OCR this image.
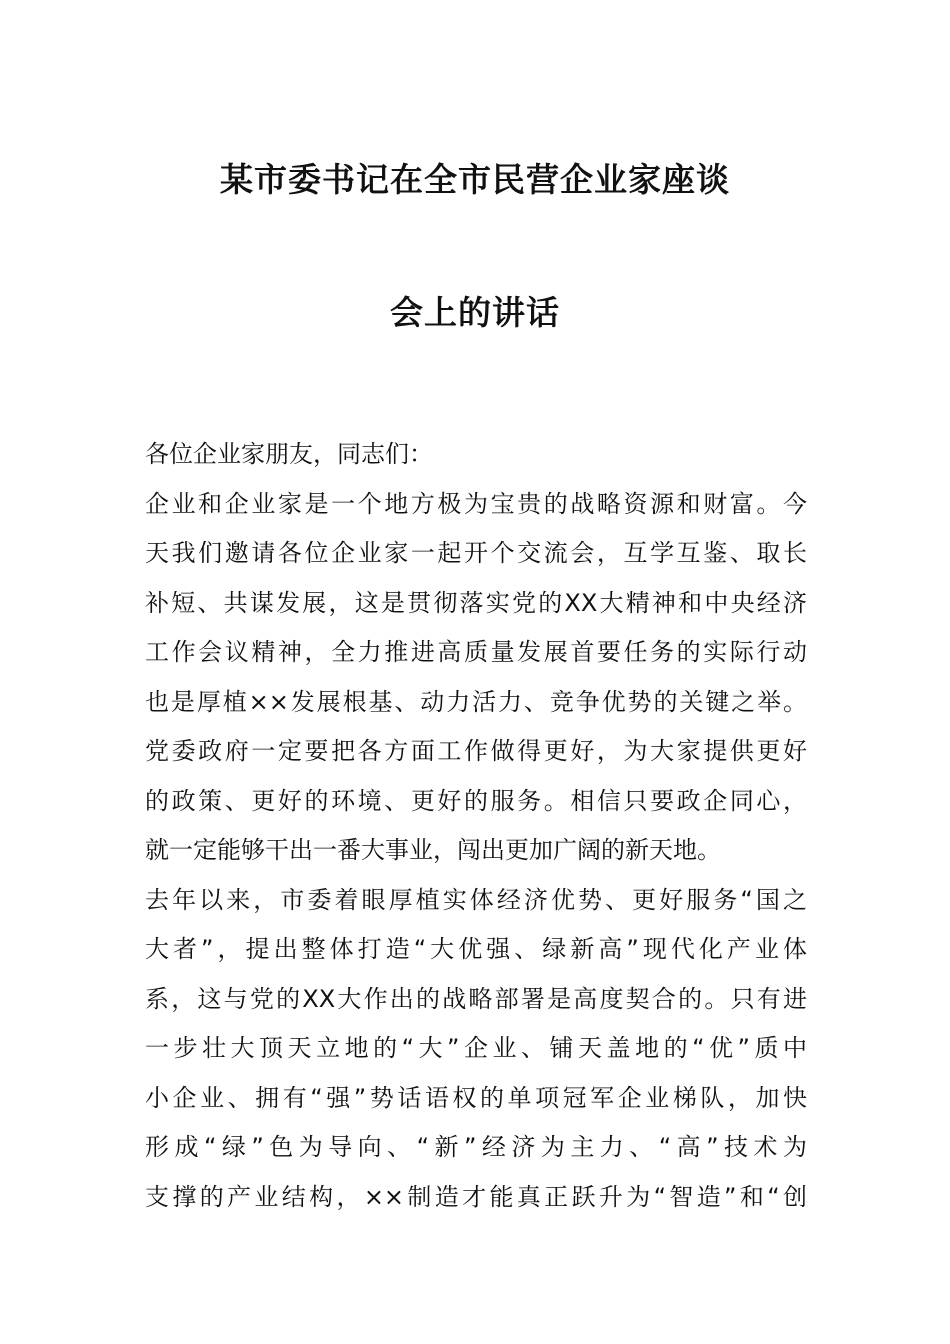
某市委书记在全市民营企业家座谈
会上的讲话
各位企业家朋友，同志们：
企业和企业家是一个地方极为宝贵的战略资源和财富。今
天我们邀请各位企业家一起开个交流会，互学互鉴、取长
补短、共谋发展，这是贯彻落实党的XX大精神和中央经济
工作会议精神，全力推进高质量发展首要任务的实际行动
也是厚植××发展根基、动力活力、竞争优势的关键之举。
党委政府一定要把各方面工作做得更好，为大家提供更好
的政策、更好的环境、更好的服务。相信只要政企同心，
就一定能够干出一番大事业，闯出更加广阔的新天地。
去年以来，市委着眼厚植实体经济优势、更好服务“国之
大者”，提出整体打造“大优强、绿新高”现代化产业体
系，这与党的XX大作出的战略部署是高度契合的。只有进
一步壮大顶天立地的“大”企业、铺天盖地的“优”质中
小企业、拥有“强”势话语权的单项冠军企业梯队，加快
形成“绿”色为导向、“新”经济为主力、“高”技术为
支撑的产业结构，××制造才能真正跃升为“智造”和“创
